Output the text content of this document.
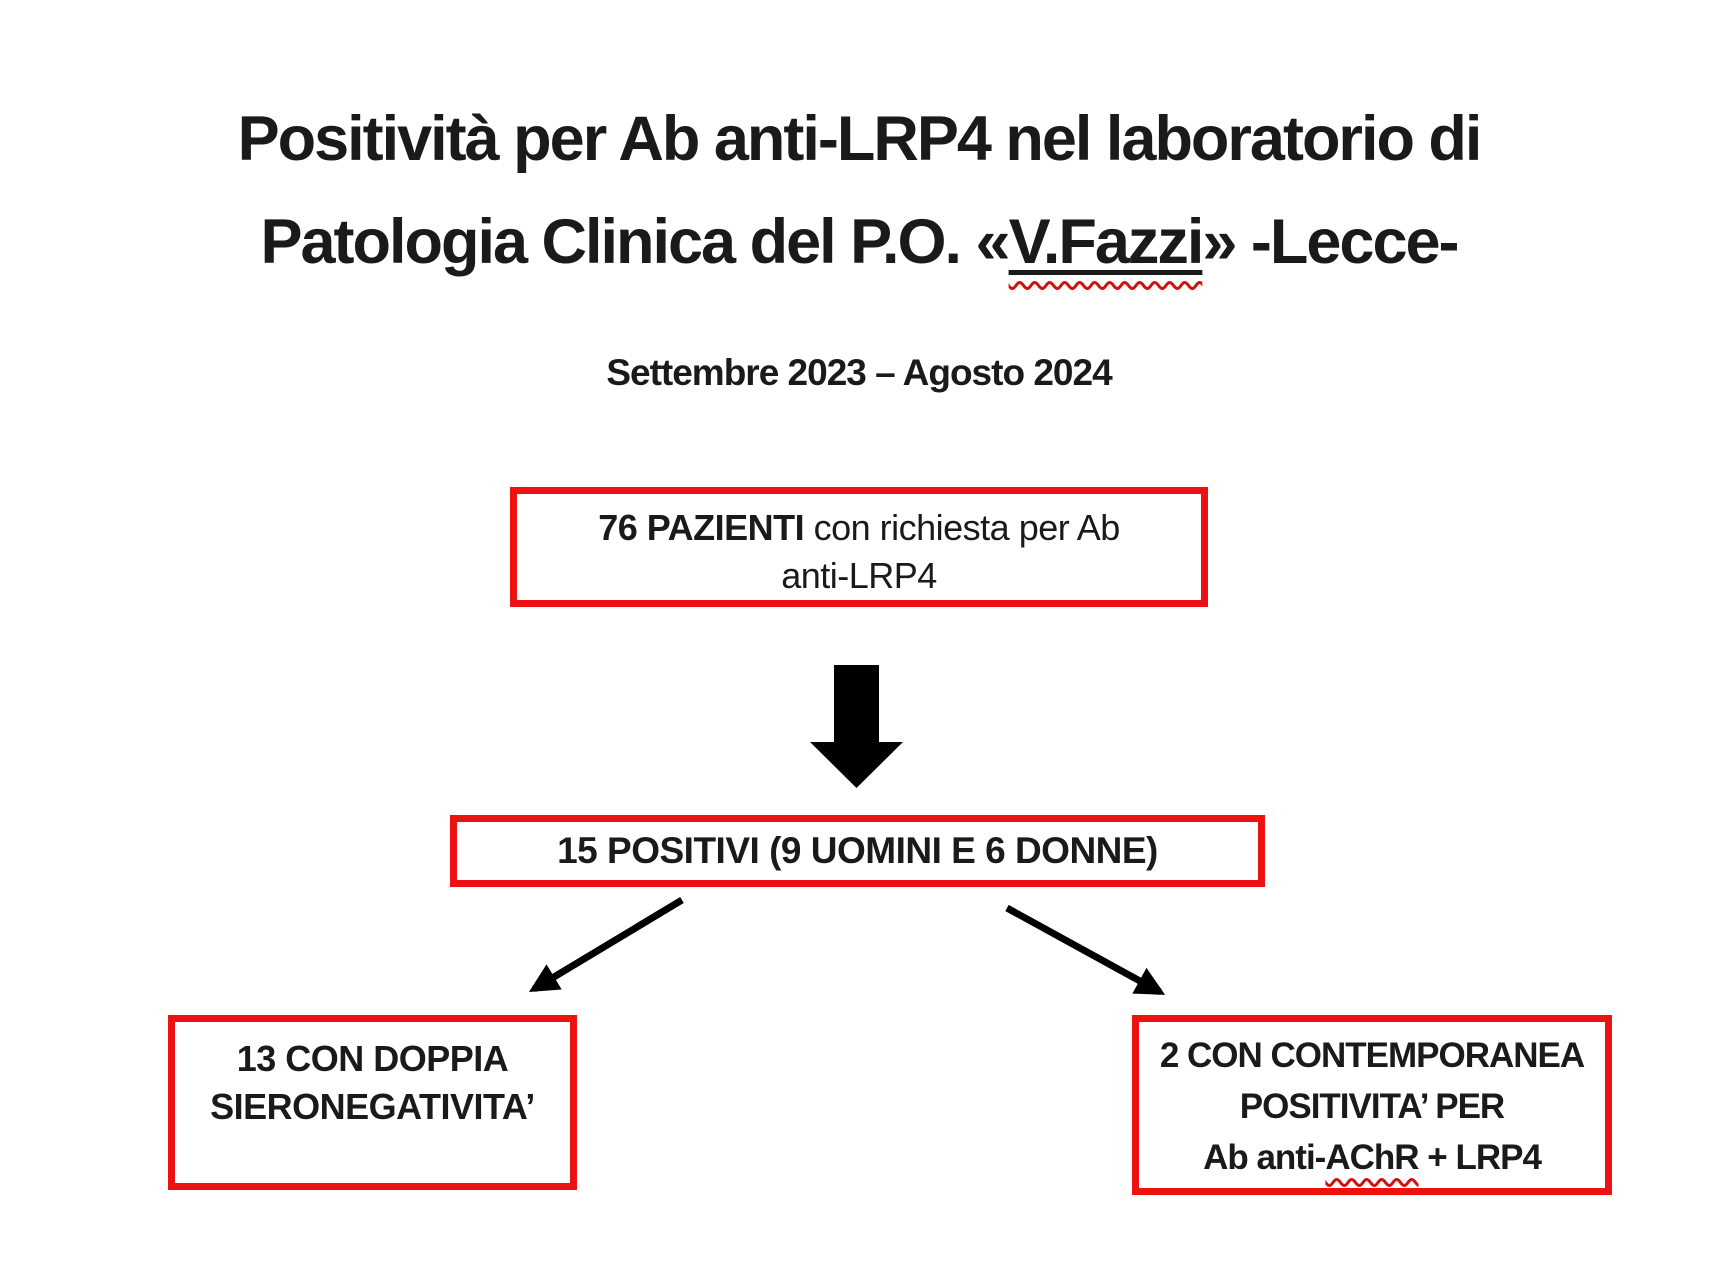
Positività per Ab anti-LRP4 nel laboratorio di
Patologia Clinica del P.O. «V.Fazzi» -Lecce-
Settembre 2023 – Agosto 2024
76 PAZIENTI con richiesta per Ab
anti-LRP4
15 POSITIVI (9 UOMINI E 6 DONNE)
13 CON DOPPIA
SIERONEGATIVITA’
2 CON CONTEMPORANEA
POSITIVITA’ PER
Ab anti-AChR + LRP4
